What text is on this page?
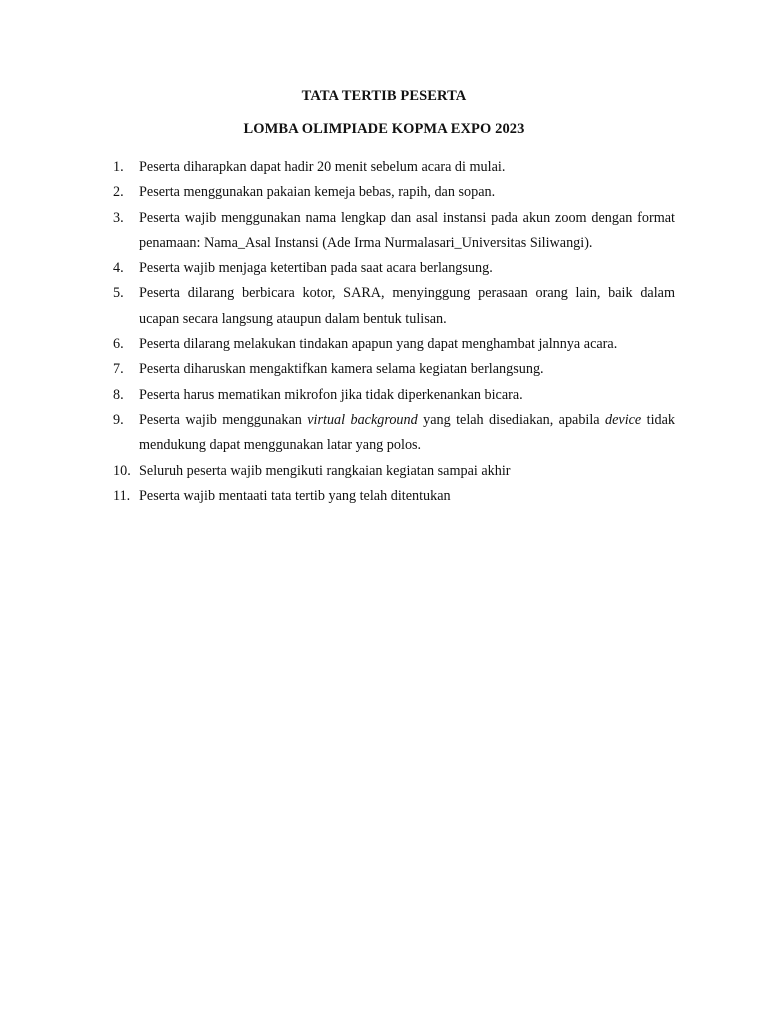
TATA TERTIB PESERTA
LOMBA OLIMPIADE KOPMA EXPO 2023
1. Peserta diharapkan dapat hadir 20 menit sebelum acara di mulai.
2. Peserta menggunakan pakaian kemeja bebas, rapih, dan sopan.
3. Peserta wajib menggunakan nama lengkap dan asal instansi pada akun zoom dengan format penamaan: Nama_Asal Instansi (Ade Irma Nurmalasari_Universitas Siliwangi).
4. Peserta wajib menjaga ketertiban pada saat acara berlangsung.
5. Peserta dilarang berbicara kotor, SARA, menyinggung perasaan orang lain, baik dalam ucapan secara langsung ataupun dalam bentuk tulisan.
6. Peserta dilarang melakukan tindakan apapun yang dapat menghambat jalnnya acara.
7. Peserta diharuskan mengaktifkan kamera selama kegiatan berlangsung.
8. Peserta harus mematikan mikrofon jika tidak diperkenankan bicara.
9. Peserta wajib menggunakan virtual background yang telah disediakan, apabila device tidak mendukung dapat menggunakan latar yang polos.
10. Seluruh peserta wajib mengikuti rangkaian kegiatan sampai akhir
11. Peserta wajib mentaati tata tertib yang telah ditentukan
